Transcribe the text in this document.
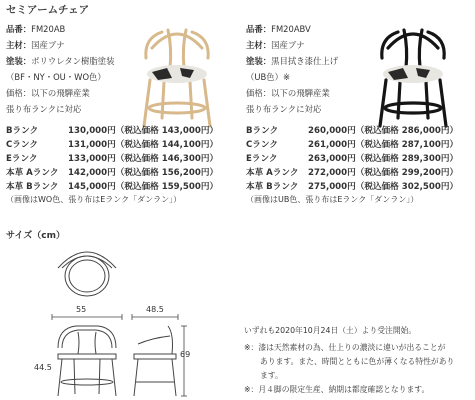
セミアームチェア
品番：FM20AB
主材：国産ブナ
塗装：ポリウレタン樹脂塗装
（BF・NY・OU・WO色）
価格：以下の飛騨産業
張り布ランクに対応
Bランク	130,000円 （税込価格 143,000円）
Cランク	131,000円 （税込価格 144,100円）
Eランク	133,000円 （税込価格 146,300円）
本革 Aランク	142,000円 （税込価格 156,200円）
本革 Bランク	145,000円 （税込価格 159,500円）
（画像はWO色、張り布はEランク「ダンラン」）
品番：FM20ABV
主材：国産ブナ
塗装：黒目拭き漆仕上げ
（UB色）※
価格：以下の飛騨産業
張り布ランクに対応
Bランク	260,000円 （税込価格 286,000円）
Cランク	261,000円 （税込価格 287,100円）
Eランク	263,000円 （税込価格 289,300円）
本革 Aランク	272,000円 （税込価格 299,200円）
本革 Bランク	275,000円 （税込価格 302,500円）
（画像はUB色、張り布はEランク「ダンラン」）
サイズ（cm）
55
44.5
48.5
69
いずれも2020年10月24日（土）より受注開始。
※：漆は天然素材の為、仕上りの濃淡に違いが出ることが
あります。また、時間とともに色が薄くなる特性があり
ます。
※：月４脚の限定生産、納期は都度確認となります。
